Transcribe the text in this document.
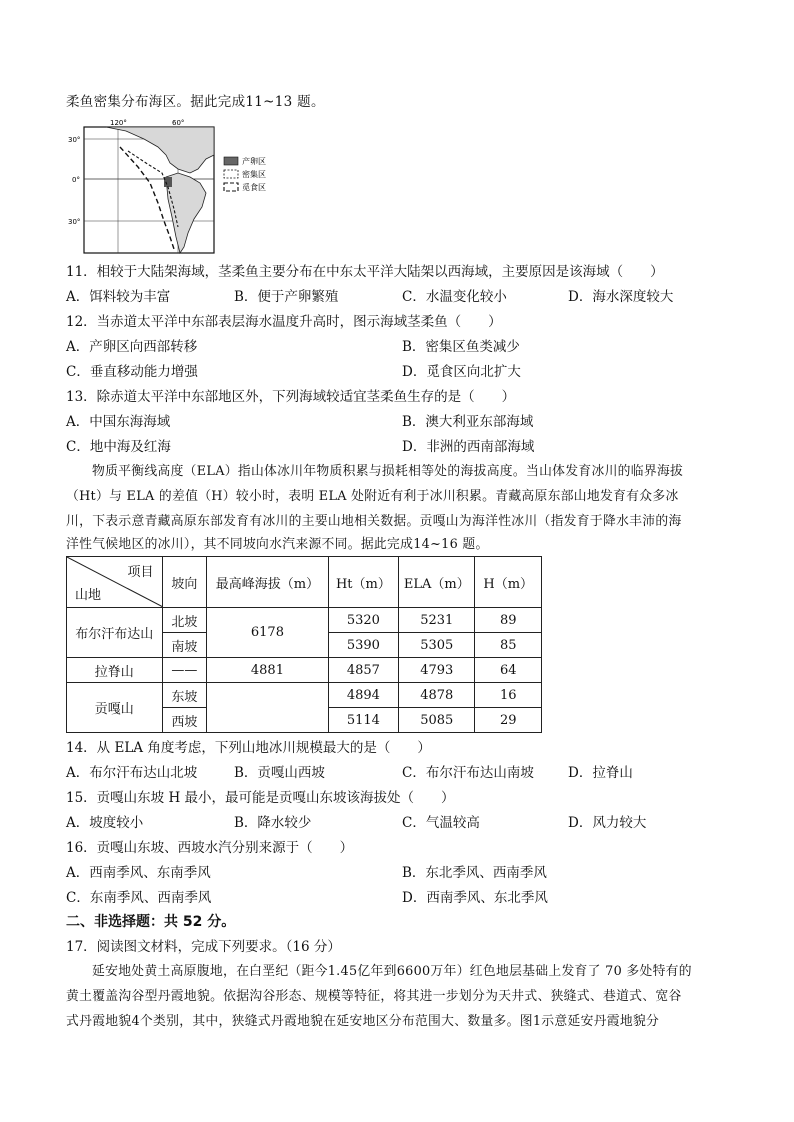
柔鱼密集分布海区。据此完成11~13 题。
产卵区
密集区
觅食区
120°	60°
30°
0°
30°
11．相较于大陆架海域，茎柔鱼主要分布在中东太平洋大陆架以西海域，主要原因是该海域（　　）
A．饵料较为丰富	B．便于产卵繁殖	C．水温变化较小	D．海水深度较大
12．当赤道太平洋中东部表层海水温度升高时，图示海域茎柔鱼（　　）
A．产卵区向西部转移	B．密集区鱼类减少
C．垂直移动能力增强	D．觅食区向北扩大
13．除赤道太平洋中东部地区外，下列海域较适宜茎柔鱼生存的是（　　）
A．中国东海海域	B．澳大利亚东部海域
C．地中海及红海	D．非洲的西南部海域
物质平衡线高度（ELA）指山体冰川年物质积累与损耗相等处的海拔高度。当山体发育冰川的临界海拔
（Ht）与 ELA 的差值（H）较小时，表明 ELA 处附近有利于冰川积累。青藏高原东部山地发育有众多冰
川，下表示意青藏高原东部发育有冰川的主要山地相关数据。贡嘎山为海洋性冰川（指发育于降水丰沛的海
洋性气候地区的冰川），其不同坡向水汽来源不同。据此完成14~16 题。
项目
山地	坡向	最高峰海拔（m）	Ht（m）	ELA（m）	H（m）
布尔汗布达山	北坡	6178	5320	5231	89
	南坡		5390	5305	85
拉脊山	——	4881	4857	4793	64
贡嘎山	东坡		4894	4878	16
	西坡		5114	5085	29
14．从 ELA 角度考虑，下列山地冰川规模最大的是（　　）
A．布尔汗布达山北坡	B．贡嘎山西坡	C．布尔汗布达山南坡	D．拉脊山
15．贡嘎山东坡 H 最小，最可能是贡嘎山东坡该海拔处（　　）
A．坡度较小	B．降水较少	C．气温较高	D．风力较大
16．贡嘎山东坡、西坡水汽分别来源于（　　）
A．西南季风、东南季风	B．东北季风、西南季风
C．东南季风、西南季风	D．西南季风、东北季风
二、非选择题：共 52 分。
17．阅读图文材料，完成下列要求。（16 分）
延安地处黄土高原腹地，在白垩纪（距今1.45亿年到6600万年）红色地层基础上发育了 70 多处特有的
黄土覆盖沟谷型丹霞地貌。依据沟谷形态、规模等特征，将其进一步划分为天井式、狭缝式、巷道式、宽谷
式丹霞地貌4个类别，其中，狭缝式丹霞地貌在延安地区分布范围大、数量多。图1示意延安丹霞地貌分
